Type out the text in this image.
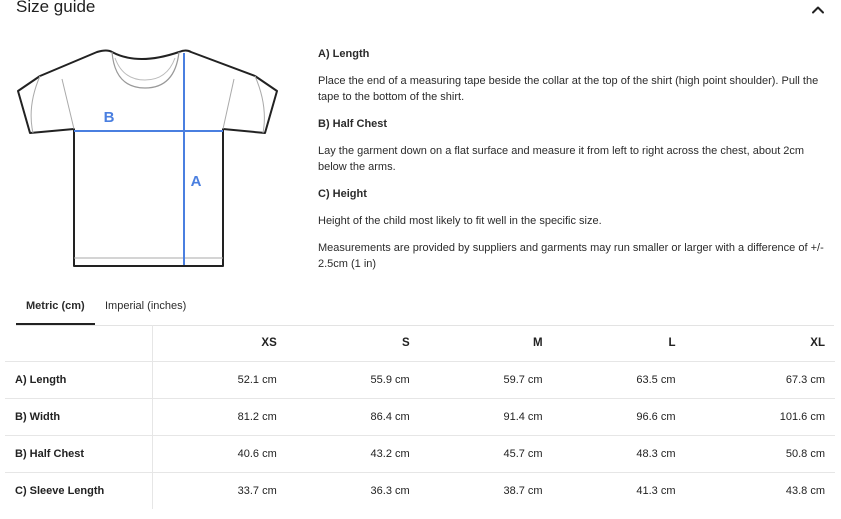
Size guide
B
A
A) Length
Place the end of a measuring tape beside the collar at the top of the shirt (high point shoulder). Pull the tape to the bottom of the shirt.
B) Half Chest
Lay the garment down on a flat surface and measure it from left to right across the chest, about 2cm below the arms.
C) Height
Height of the child most likely to fit well in the specific size.
Measurements are provided by suppliers and garments may run smaller or larger with a difference of +/- 2.5cm (1 in)
Metric (cm) Imperial (inches)
	XS	S	M	L	XL
A) Length	52.1 cm	55.9 cm	59.7 cm	63.5 cm	67.3 cm
B) Width	81.2 cm	86.4 cm	91.4 cm	96.6 cm	101.6 cm
B) Half Chest	40.6 cm	43.2 cm	45.7 cm	48.3 cm	50.8 cm
C) Sleeve Length	33.7 cm	36.3 cm	38.7 cm	41.3 cm	43.8 cm
